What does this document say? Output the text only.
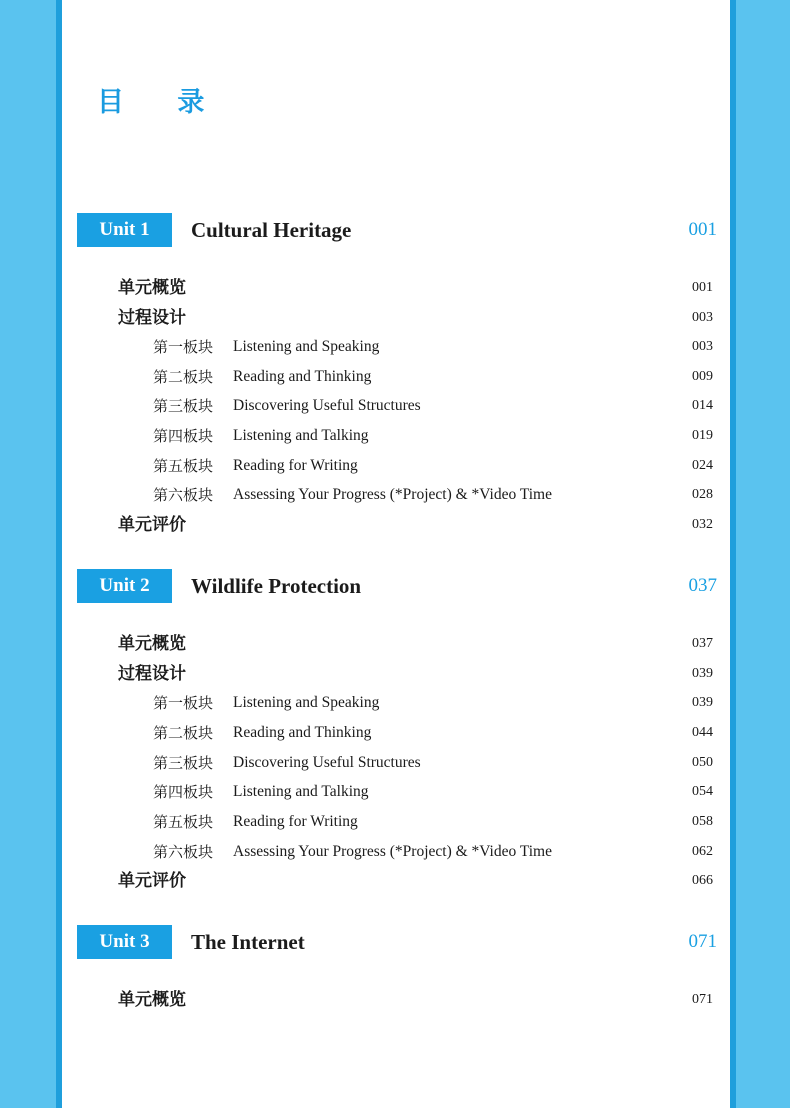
目 录
Unit 1	Cultural Heritage	001
单元概览	001
过程设计	003
第一板块 Listening and Speaking	003
第二板块 Reading and Thinking	009
第三板块 Discovering Useful Structures	014
第四板块 Listening and Talking	019
第五板块 Reading for Writing	024
第六板块 Assessing Your Progress (*Project) & *Video Time	028
单元评价	032
Unit 2	Wildlife Protection	037
单元概览	037
过程设计	039
第一板块 Listening and Speaking	039
第二板块 Reading and Thinking	044
第三板块 Discovering Useful Structures	050
第四板块 Listening and Talking	054
第五板块 Reading for Writing	058
第六板块 Assessing Your Progress (*Project) & *Video Time	062
单元评价	066
Unit 3	The Internet	071
单元概览	071
